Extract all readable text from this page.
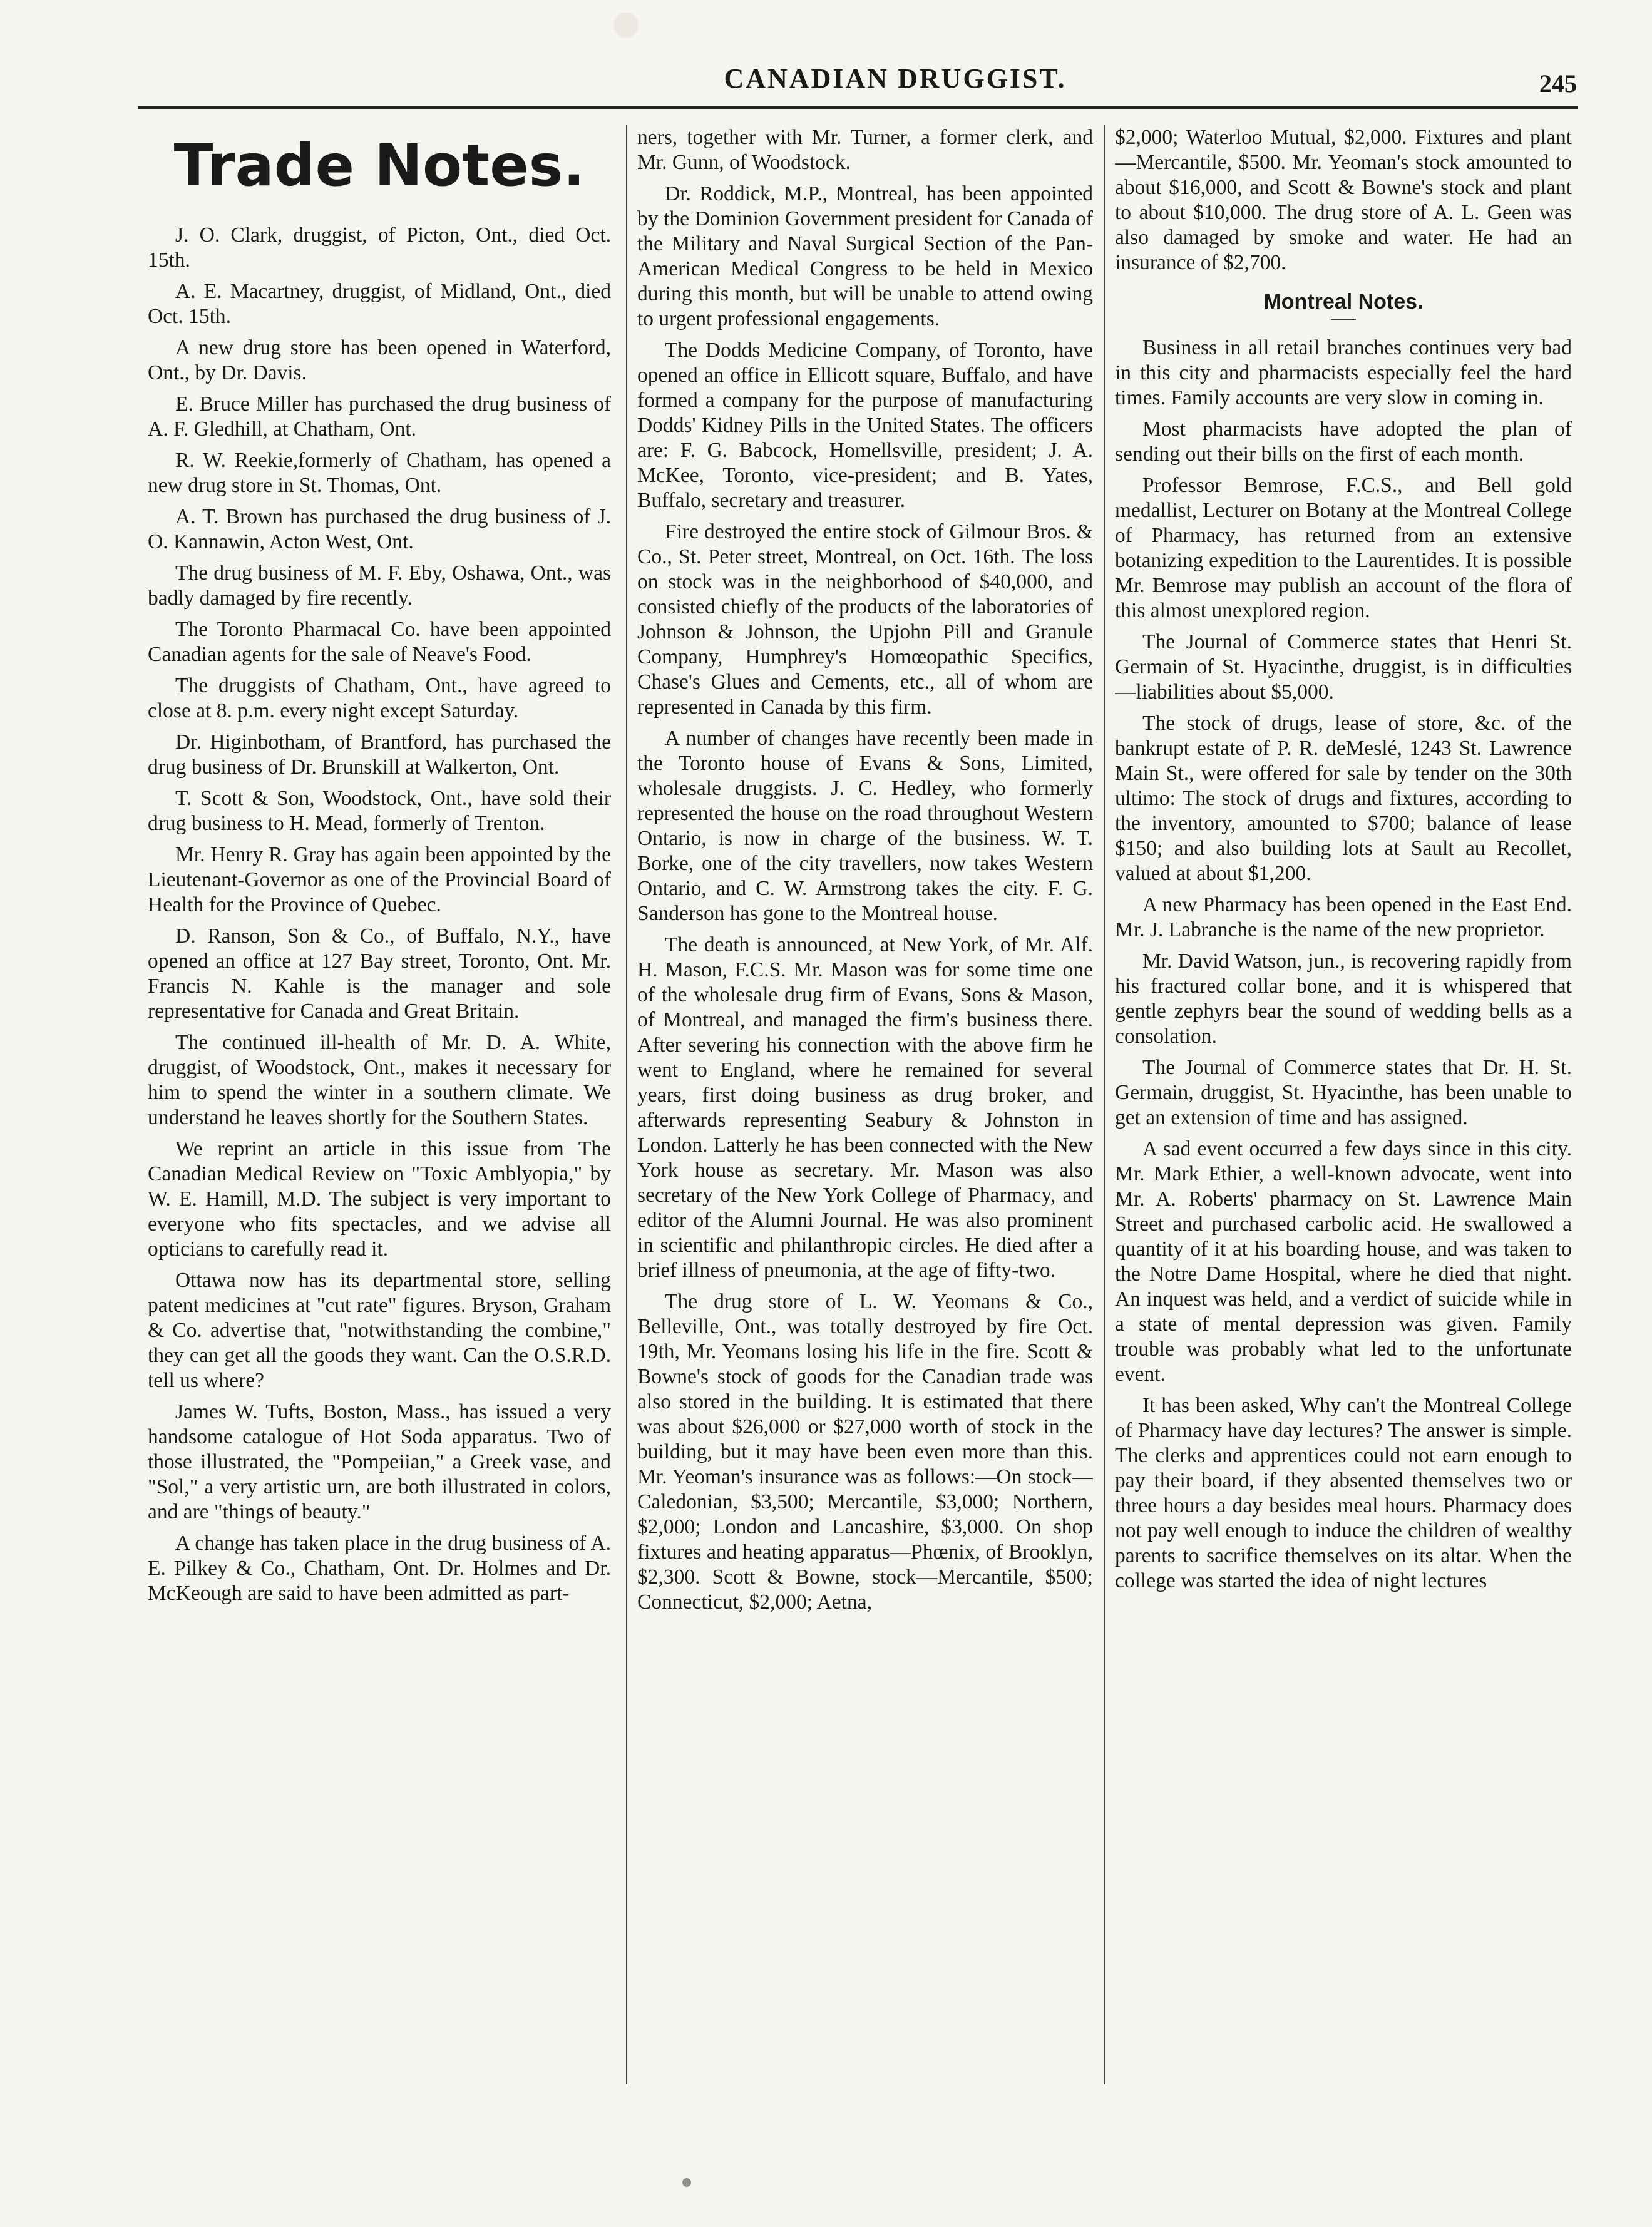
CANADIAN DRUGGIST.	245
Trade Notes.

J. O. Clark, druggist, of Picton, Ont., died Oct. 15th.

A. E. Macartney, druggist, of Midland, Ont., died Oct. 15th.

A new drug store has been opened in Waterford, Ont., by Dr. Davis.

E. Bruce Miller has purchased the drug business of A. F. Gledhill, at Chatham, Ont.

R. W. Reekie,formerly of Chatham, has opened a new drug store in St. Thomas, Ont.

A. T. Brown has purchased the drug business of J. O. Kannawin, Acton West, Ont.

The drug business of M. F. Eby, Oshawa, Ont., was badly damaged by fire recently.

The Toronto Pharmacal Co. have been appointed Canadian agents for the sale of Neave's Food.

The druggists of Chatham, Ont., have agreed to close at 8. p.m. every night except Saturday.

Dr. Higinbotham, of Brantford, has purchased the drug business of Dr. Brunskill at Walkerton, Ont.

T. Scott & Son, Woodstock, Ont., have sold their drug business to H. Mead, formerly of Trenton.

Mr. Henry R. Gray has again been appointed by the Lieutenant-Governor as one of the Provincial Board of Health for the Province of Quebec.

D. Ranson, Son & Co., of Buffalo, N.Y., have opened an office at 127 Bay street, Toronto, Ont. Mr. Francis N. Kahle is the manager and sole representative for Canada and Great Britain.

The continued ill-health of Mr. D. A. White, druggist, of Woodstock, Ont., makes it necessary for him to spend the winter in a southern climate. We understand he leaves shortly for the Southern States.

We reprint an article in this issue from The Canadian Medical Review on "Toxic Amblyopia," by W. E. Hamill, M.D. The subject is very important to everyone who fits spectacles, and we advise all opticians to carefully read it.

Ottawa now has its departmental store, selling patent medicines at "cut rate" figures. Bryson, Graham & Co. advertise that, "notwithstanding the combine," they can get all the goods they want. Can the O.S.R.D. tell us where?

James W. Tufts, Boston, Mass., has issued a very handsome catalogue of Hot Soda apparatus. Two of those illustrated, the "Pompeiian," a Greek vase, and "Sol," a very artistic urn, are both illustrated in colors, and are "things of beauty."

A change has taken place in the drug business of A. E. Pilkey & Co., Chatham, Ont. Dr. Holmes and Dr. McKeough are said to have been admitted as part-

ners, together with Mr. Turner, a former clerk, and Mr. Gunn, of Woodstock.

Dr. Roddick, M.P., Montreal, has been appointed by the Dominion Government president for Canada of the Military and Naval Surgical Section of the Pan-American Medical Congress to be held in Mexico during this month, but will be unable to attend owing to urgent professional engagements.

The Dodds Medicine Company, of Toronto, have opened an office in Ellicott square, Buffalo, and have formed a company for the purpose of manufacturing Dodds' Kidney Pills in the United States. The officers are: F. G. Babcock, Homellsville, president; J. A. McKee, Toronto, vice-president; and B. Yates, Buffalo, secretary and treasurer.

Fire destroyed the entire stock of Gilmour Bros. & Co., St. Peter street, Montreal, on Oct. 16th. The loss on stock was in the neighborhood of $40,000, and consisted chiefly of the products of the laboratories of Johnson & Johnson, the Upjohn Pill and Granule Company, Humphrey's Homœopathic Specifics, Chase's Glues and Cements, etc., all of whom are represented in Canada by this firm.

A number of changes have recently been made in the Toronto house of Evans & Sons, Limited, wholesale druggists. J. C. Hedley, who formerly represented the house on the road throughout Western Ontario, is now in charge of the business. W. T. Borke, one of the city travellers, now takes Western Ontario, and C. W. Armstrong takes the city. F. G. Sanderson has gone to the Montreal house.

The death is announced, at New York, of Mr. Alf. H. Mason, F.C.S. Mr. Mason was for some time one of the wholesale drug firm of Evans, Sons & Mason, of Montreal, and managed the firm's business there. After severing his connection with the above firm he went to England, where he remained for several years, first doing business as drug broker, and afterwards representing Seabury & Johnston in London. Latterly he has been connected with the New York house as secretary. Mr. Mason was also secretary of the New York College of Pharmacy, and editor of the Alumni Journal. He was also prominent in scientific and philanthropic circles. He died after a brief illness of pneumonia, at the age of fifty-two.

The drug store of L. W. Yeomans & Co., Belleville, Ont., was totally destroyed by fire Oct. 19th, Mr. Yeomans losing his life in the fire. Scott & Bowne's stock of goods for the Canadian trade was also stored in the building. It is estimated that there was about $26,000 or $27,000 worth of stock in the building, but it may have been even more than this. Mr. Yeoman's insurance was as follows:—On stock—Caledonian, $3,500; Mercantile, $3,000; Northern, $2,000; London and Lancashire, $3,000. On shop fixtures and heating apparatus—Phœnix, of Brooklyn, $2,300. Scott & Bowne, stock—Mercantile, $500; Connecticut, $2,000; Aetna,

$2,000; Waterloo Mutual, $2,000. Fixtures and plant—Mercantile, $500. Mr. Yeoman's stock amounted to about $16,000, and Scott & Bowne's stock and plant to about $10,000. The drug store of A. L. Geen was also damaged by smoke and water. He had an insurance of $2,700.

Montreal Notes.

Business in all retail branches continues very bad in this city and pharmacists especially feel the hard times. Family accounts are very slow in coming in.

Most pharmacists have adopted the plan of sending out their bills on the first of each month.

Professor Bemrose, F.C.S., and Bell gold medallist, Lecturer on Botany at the Montreal College of Pharmacy, has returned from an extensive botanizing expedition to the Laurentides. It is possible Mr. Bemrose may publish an account of the flora of this almost unexplored region.

The Journal of Commerce states that Henri St. Germain of St. Hyacinthe, druggist, is in difficulties—liabilities about $5,000.

The stock of drugs, lease of store, &c. of the bankrupt estate of P. R. deMeslé, 1243 St. Lawrence Main St., were offered for sale by tender on the 30th ultimo: The stock of drugs and fixtures, according to the inventory, amounted to $700; balance of lease $150; and also building lots at Sault au Recollet, valued at about $1,200.

A new Pharmacy has been opened in the East End. Mr. J. Labranche is the name of the new proprietor.

Mr. David Watson, jun., is recovering rapidly from his fractured collar bone, and it is whispered that gentle zephyrs bear the sound of wedding bells as a consolation.

The Journal of Commerce states that Dr. H. St. Germain, druggist, St. Hyacinthe, has been unable to get an extension of time and has assigned.

A sad event occurred a few days since in this city. Mr. Mark Ethier, a well-known advocate, went into Mr. A. Roberts' pharmacy on St. Lawrence Main Street and purchased carbolic acid. He swallowed a quantity of it at his boarding house, and was taken to the Notre Dame Hospital, where he died that night. An inquest was held, and a verdict of suicide while in a state of mental depression was given. Family trouble was probably what led to the unfortunate event.

It has been asked, Why can't the Montreal College of Pharmacy have day lectures? The answer is simple. The clerks and apprentices could not earn enough to pay their board, if they absented themselves two or three hours a day besides meal hours. Pharmacy does not pay well enough to induce the children of wealthy parents to sacrifice themselves on its altar. When the college was started the idea of night lectures
